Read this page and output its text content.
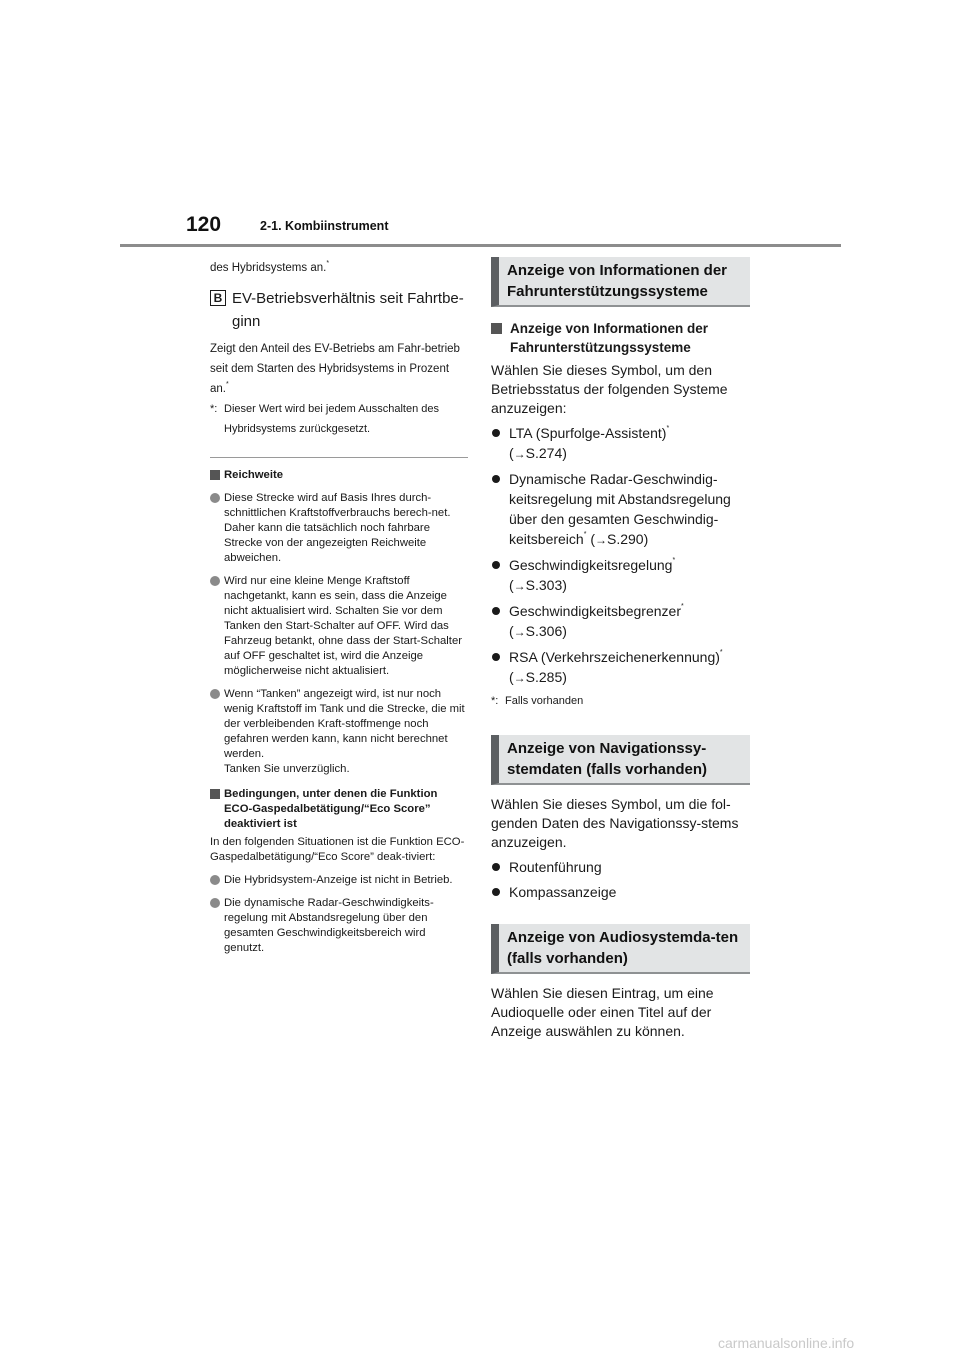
120	2-1. Kombiinstrument
des Hybridsystems an.*
B EV-Betriebsverhältnis seit Fahrtbe-ginn
Zeigt den Anteil des EV-Betriebs am Fahr-betrieb seit dem Starten des Hybridsystems in Prozent an.*
*: Dieser Wert wird bei jedem Ausschalten des Hybridsystems zurückgesetzt.
Reichweite
Diese Strecke wird auf Basis Ihres durch-schnittlichen Kraftstoffverbrauchs berech-net. Daher kann die tatsächlich noch fahrbare Strecke von der angezeigten Reichweite abweichen.
Wird nur eine kleine Menge Kraftstoff nachgetankt, kann es sein, dass die Anzeige nicht aktualisiert wird. Schalten Sie vor dem Tanken den Start-Schalter auf OFF. Wird das Fahrzeug betankt, ohne dass der Start-Schalter auf OFF geschaltet ist, wird die Anzeige möglicherweise nicht aktualisiert.
Wenn “Tanken” angezeigt wird, ist nur noch wenig Kraftstoff im Tank und die Strecke, die mit der verbleibenden Kraft-stoffmenge noch gefahren werden kann, kann nicht berechnet werden.
Tanken Sie unverzüglich.
Bedingungen, unter denen die Funktion ECO-Gaspedalbetätigung/“Eco Score” deaktiviert ist
In den folgenden Situationen ist die Funktion ECO-Gaspedalbetätigung/“Eco Score” deak-tiviert:
Die Hybridsystem-Anzeige ist nicht in Betrieb.
Die dynamische Radar-Geschwindigkeits-regelung mit Abstandsregelung über den gesamten Geschwindigkeitsbereich wird genutzt.
Anzeige von Informationen der Fahrunterstützungssysteme
Anzeige von Informationen der Fahrunterstützungssysteme
Wählen Sie dieses Symbol, um den Betriebsstatus der folgenden Systeme anzuzeigen:
LTA (Spurfolge-Assistent)*
(→S.274)
Dynamische Radar-Geschwindig-keitsregelung mit Abstandsregelung über den gesamten Geschwindig-keitsbereich* (→S.290)
Geschwindigkeitsregelung*
(→S.303)
Geschwindigkeitsbegrenzer*
(→S.306)
RSA (Verkehrszeichenerkennung)*
(→S.285)
*: Falls vorhanden
Anzeige von Navigationssy-stemdaten (falls vorhanden)
Wählen Sie dieses Symbol, um die fol-genden Daten des Navigationssy-stems anzuzeigen.
Routenführung
Kompassanzeige
Anzeige von Audiosystemda-ten (falls vorhanden)
Wählen Sie diesen Eintrag, um eine Audioquelle oder einen Titel auf der Anzeige auswählen zu können.
carmanualsonline.info
